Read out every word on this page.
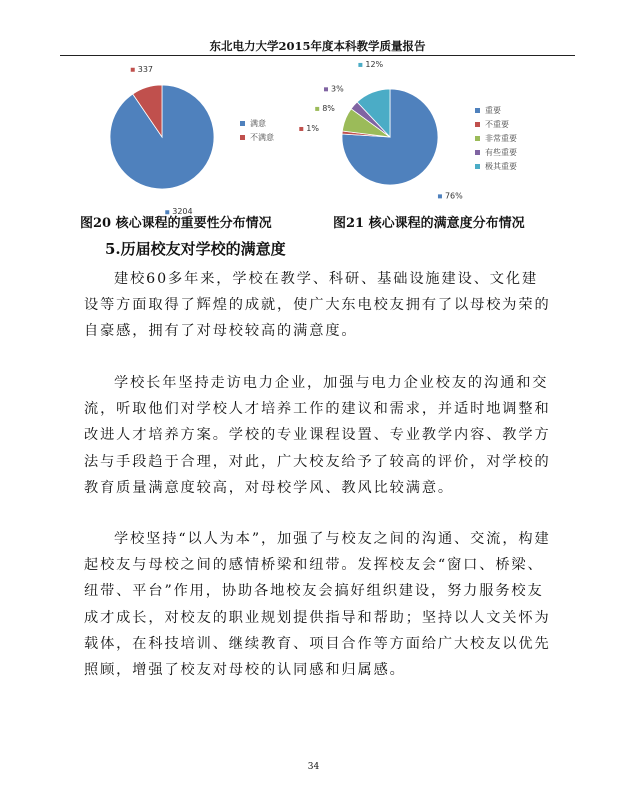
东北电力大学2015年度本科教学质量报告
3204
337
满意
不满意
76%
1%
8%
3%
12%
重要
不重要
非常重要
有些重要
极其重要
图20 核心课程的重要性分布情况	图21 核心课程的满意度分布情况
5.历届校友对学校的满意度

建校60多年来，学校在教学、科研、基础设施建设、文化建设等方面取得了辉煌的成就，使广大东电校友拥有了以母校为荣的自豪感，拥有了对母校较高的满意度。

学校长年坚持走访电力企业，加强与电力企业校友的沟通和交流，听取他们对学校人才培养工作的建议和需求，并适时地调整和改进人才培养方案。学校的专业课程设置、专业教学内容、教学方法与手段趋于合理，对此，广大校友给予了较高的评价，对学校的教育质量满意度较高，对母校学风、教风比较满意。

学校坚持“以人为本”，加强了与校友之间的沟通、交流，构建起校友与母校之间的感情桥梁和纽带。发挥校友会“窗口、桥梁、纽带、平台”作用，协助各地校友会搞好组织建设，努力服务校友成才成长，对校友的职业规划提供指导和帮助；坚持以人文关怀为载体，在科技培训、继续教育、项目合作等方面给广大校友以优先照顾，增强了校友对母校的认同感和归属感。

34
